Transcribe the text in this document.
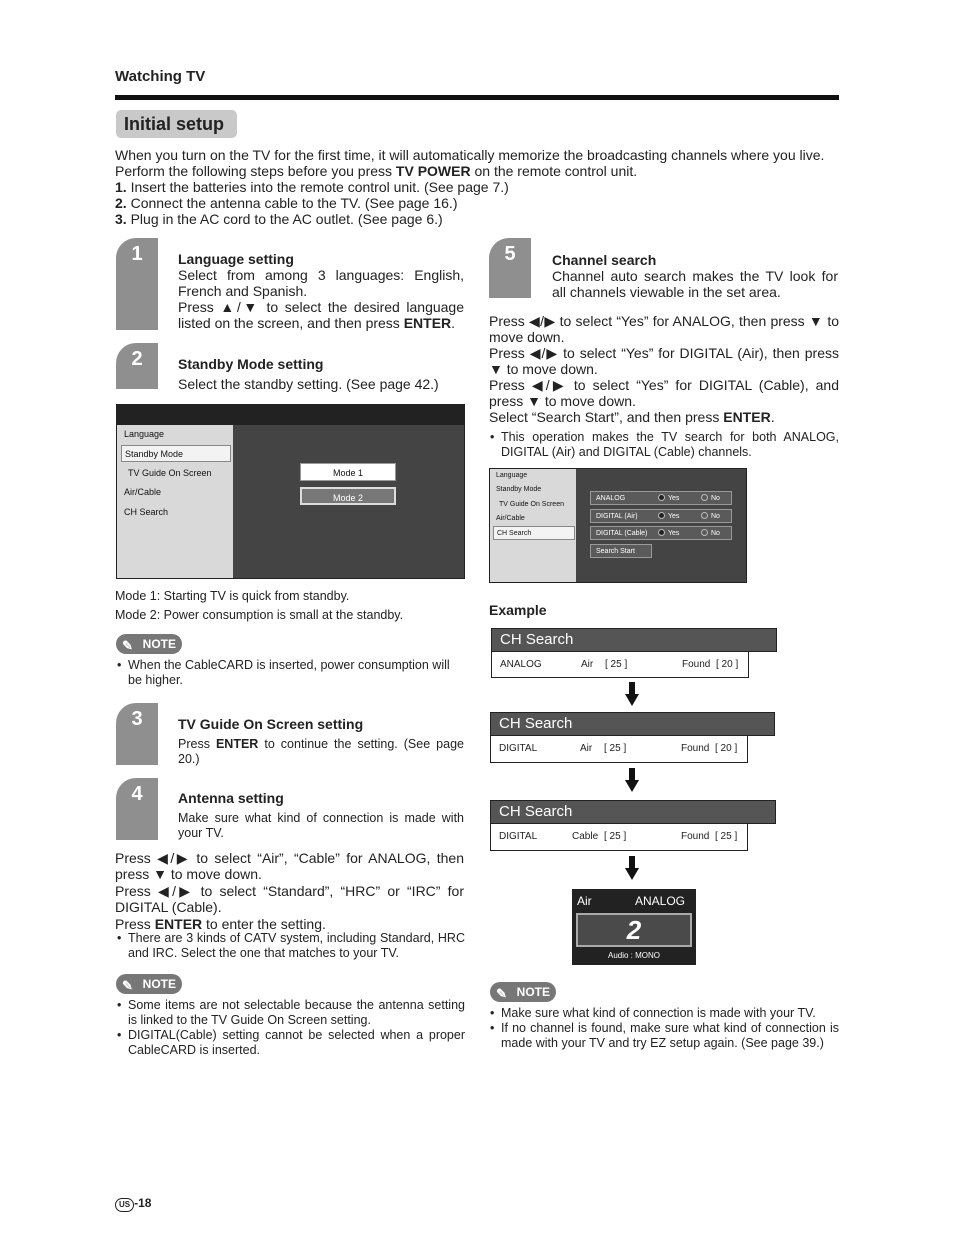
Watching TV
Initial setup

When you turn on the TV for the first time, it will automatically memorize the broadcasting channels where you live. Perform the following steps before you press TV POWER on the remote control unit.

1. Insert the batteries into the remote control unit. (See page 7.)

2. Connect the antenna cable to the TV. (See page 16.)

3. Plug in the AC cord to the AC outlet. (See page 6.)

1	Language setting
Select from among 3 languages: English, French and Spanish.
Press ▲/▼ to select the desired language listed on the screen, and then press ENTER.
2	Standby Mode setting
Select the standby setting. (See page 42.)
Language
Standby Mode
TV Guide On Screen
Air/Cable
CH Search
Mode 1
Mode 2
Mode 1: Starting TV is quick from standby.
Mode 2: Power consumption is small at the standby.
✎ NOTE
• When the CableCARD is inserted, power consumption will be higher.
3	TV Guide On Screen setting
Press ENTER to continue the setting. (See page 20.)
4	Antenna setting
Make sure what kind of connection is made with your TV.
Press ◀/▶ to select “Air”, “Cable” for ANALOG, then press ▼ to move down.
Press ◀/▶ to select “Standard”, “HRC” or “IRC” for DIGITAL (Cable).
Press ENTER to enter the setting.
• There are 3 kinds of CATV system, including Standard, HRC and IRC. Select the one that matches to your TV.
✎ NOTE
• Some items are not selectable because the antenna setting is linked to the TV Guide On Screen setting.
• DIGITAL(Cable) setting cannot be selected when a proper CableCARD is inserted.
5	Channel search
Channel auto search makes the TV look for all channels viewable in the set area.
Press ◀/▶ to select “Yes” for ANALOG, then press ▼ to move down.
Press ◀/▶ to select “Yes” for DIGITAL (Air), then press ▼ to move down.
Press ◀/▶ to select “Yes” for DIGITAL (Cable), and press ▼ to move down.
Select “Search Start”, and then press ENTER.
• This operation makes the TV search for both ANALOG, DIGITAL (Air) and DIGITAL (Cable) channels.
Language
Standby Mode
TV Guide On Screen
Air/Cable
CH Search
ANALOG	Yes	No
DIGITAL (Air)	Yes	No
DIGITAL (Cable)	Yes	No
Search Start
Example
CH Search
ANALOG	Air [ 25 ]	Found [ 20 ]
CH Search
DIGITAL	Air [ 25 ]	Found [ 20 ]
CH Search
DIGITAL	Cable [ 25 ]	Found [ 25 ]
Air	ANALOG
2
Audio : MONO
✎ NOTE
• Make sure what kind of connection is made with your TV.
• If no channel is found, make sure what kind of connection is made with your TV and try EZ setup again. (See page 39.)
US -18
